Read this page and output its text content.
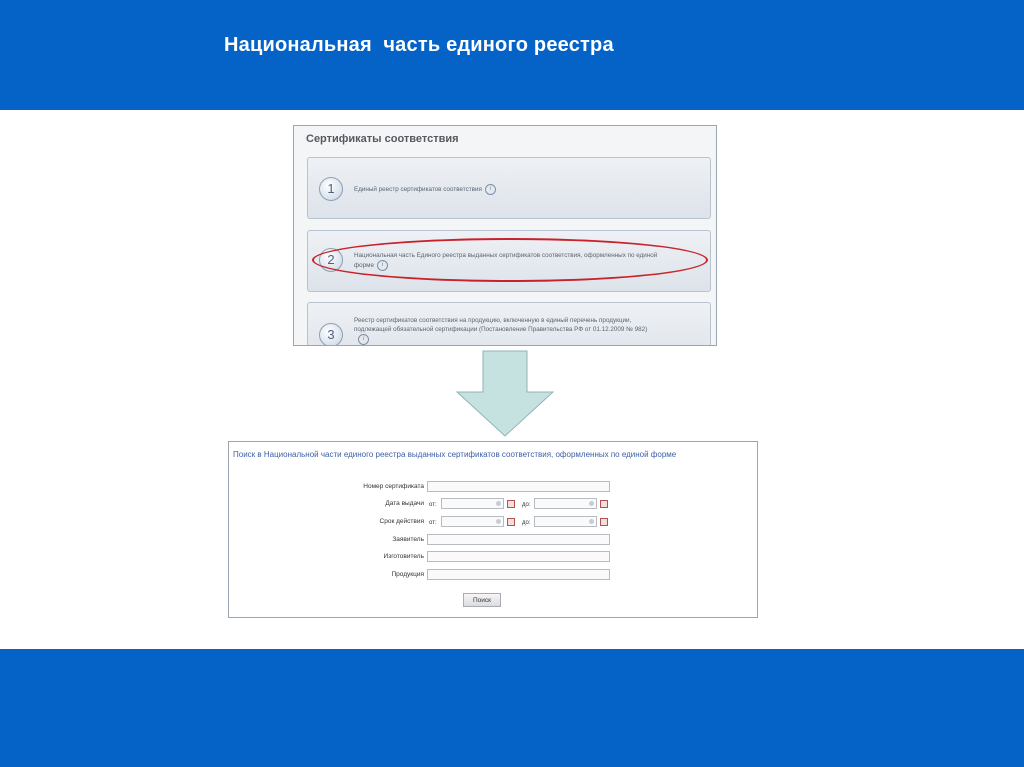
Национальная  часть единого реестра
Сертификаты соответствия
1	Единый реестр сертификатов соответствия i
2	Национальная часть Единого реестра выданных сертификатов соответствия, оформленных по единой
форме i
3
Реестр сертификатов соответствия на продукцию, включенную в единый перечень продукции,
подлежащей обязательной сертификации (Постановление Правительства РФ от 01.12.2009 № 982)
i
Поиск в Национальной части единого реестра выданных сертификатов соответствия, оформленных по единой форме
Номер сертификата
Дата выдачи от:	до:
Срок действия от:	до:
Заявитель
Изготовитель
Продукция
Поиск
